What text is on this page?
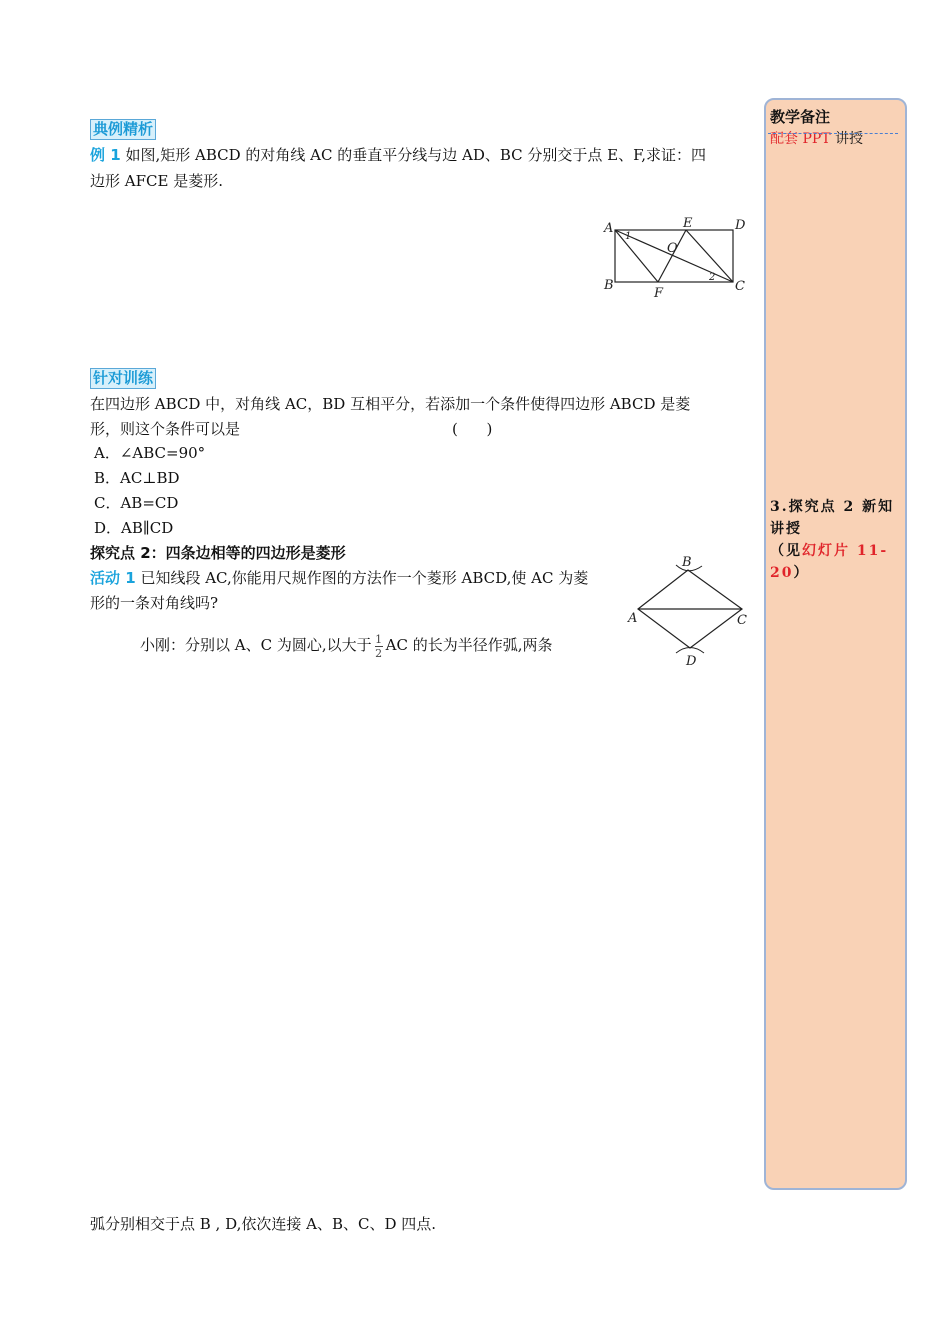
教学备注
配套 PPT 讲授
3.探究点 2 新知讲授
（见幻灯片 11-20）
典例精析
例 1 如图,矩形 ABCD 的对角线 AC 的垂直平分线与边 AD、BC 分别交于点 E、F,求证：四
边形 AFCE 是菱形.
A
B	C
D
E
F
O
1
2
针对训练
在四边形 ABCD 中，对角线 AC，BD 互相平分，若添加一个条件使得四边形 ABCD 是菱
形，则这个条件可以是	(      )
A．∠ABC=90°
B．AC⊥BD
C．AB=CD
D．AB∥CD
探究点 2：四条边相等的四边形是菱形
活动 1 已知线段 AC,你能用尺规作图的方法作一个菱形 ABCD,使 AC 为菱
形的一条对角线吗?
小刚：分别以 A、C 为圆心,以大于 $\frac{1}{2}$ AC 的长为半径作弧,两条
B
A	C
D
弧分别相交于点 B , D,依次连接 A、B、C、D 四点.
